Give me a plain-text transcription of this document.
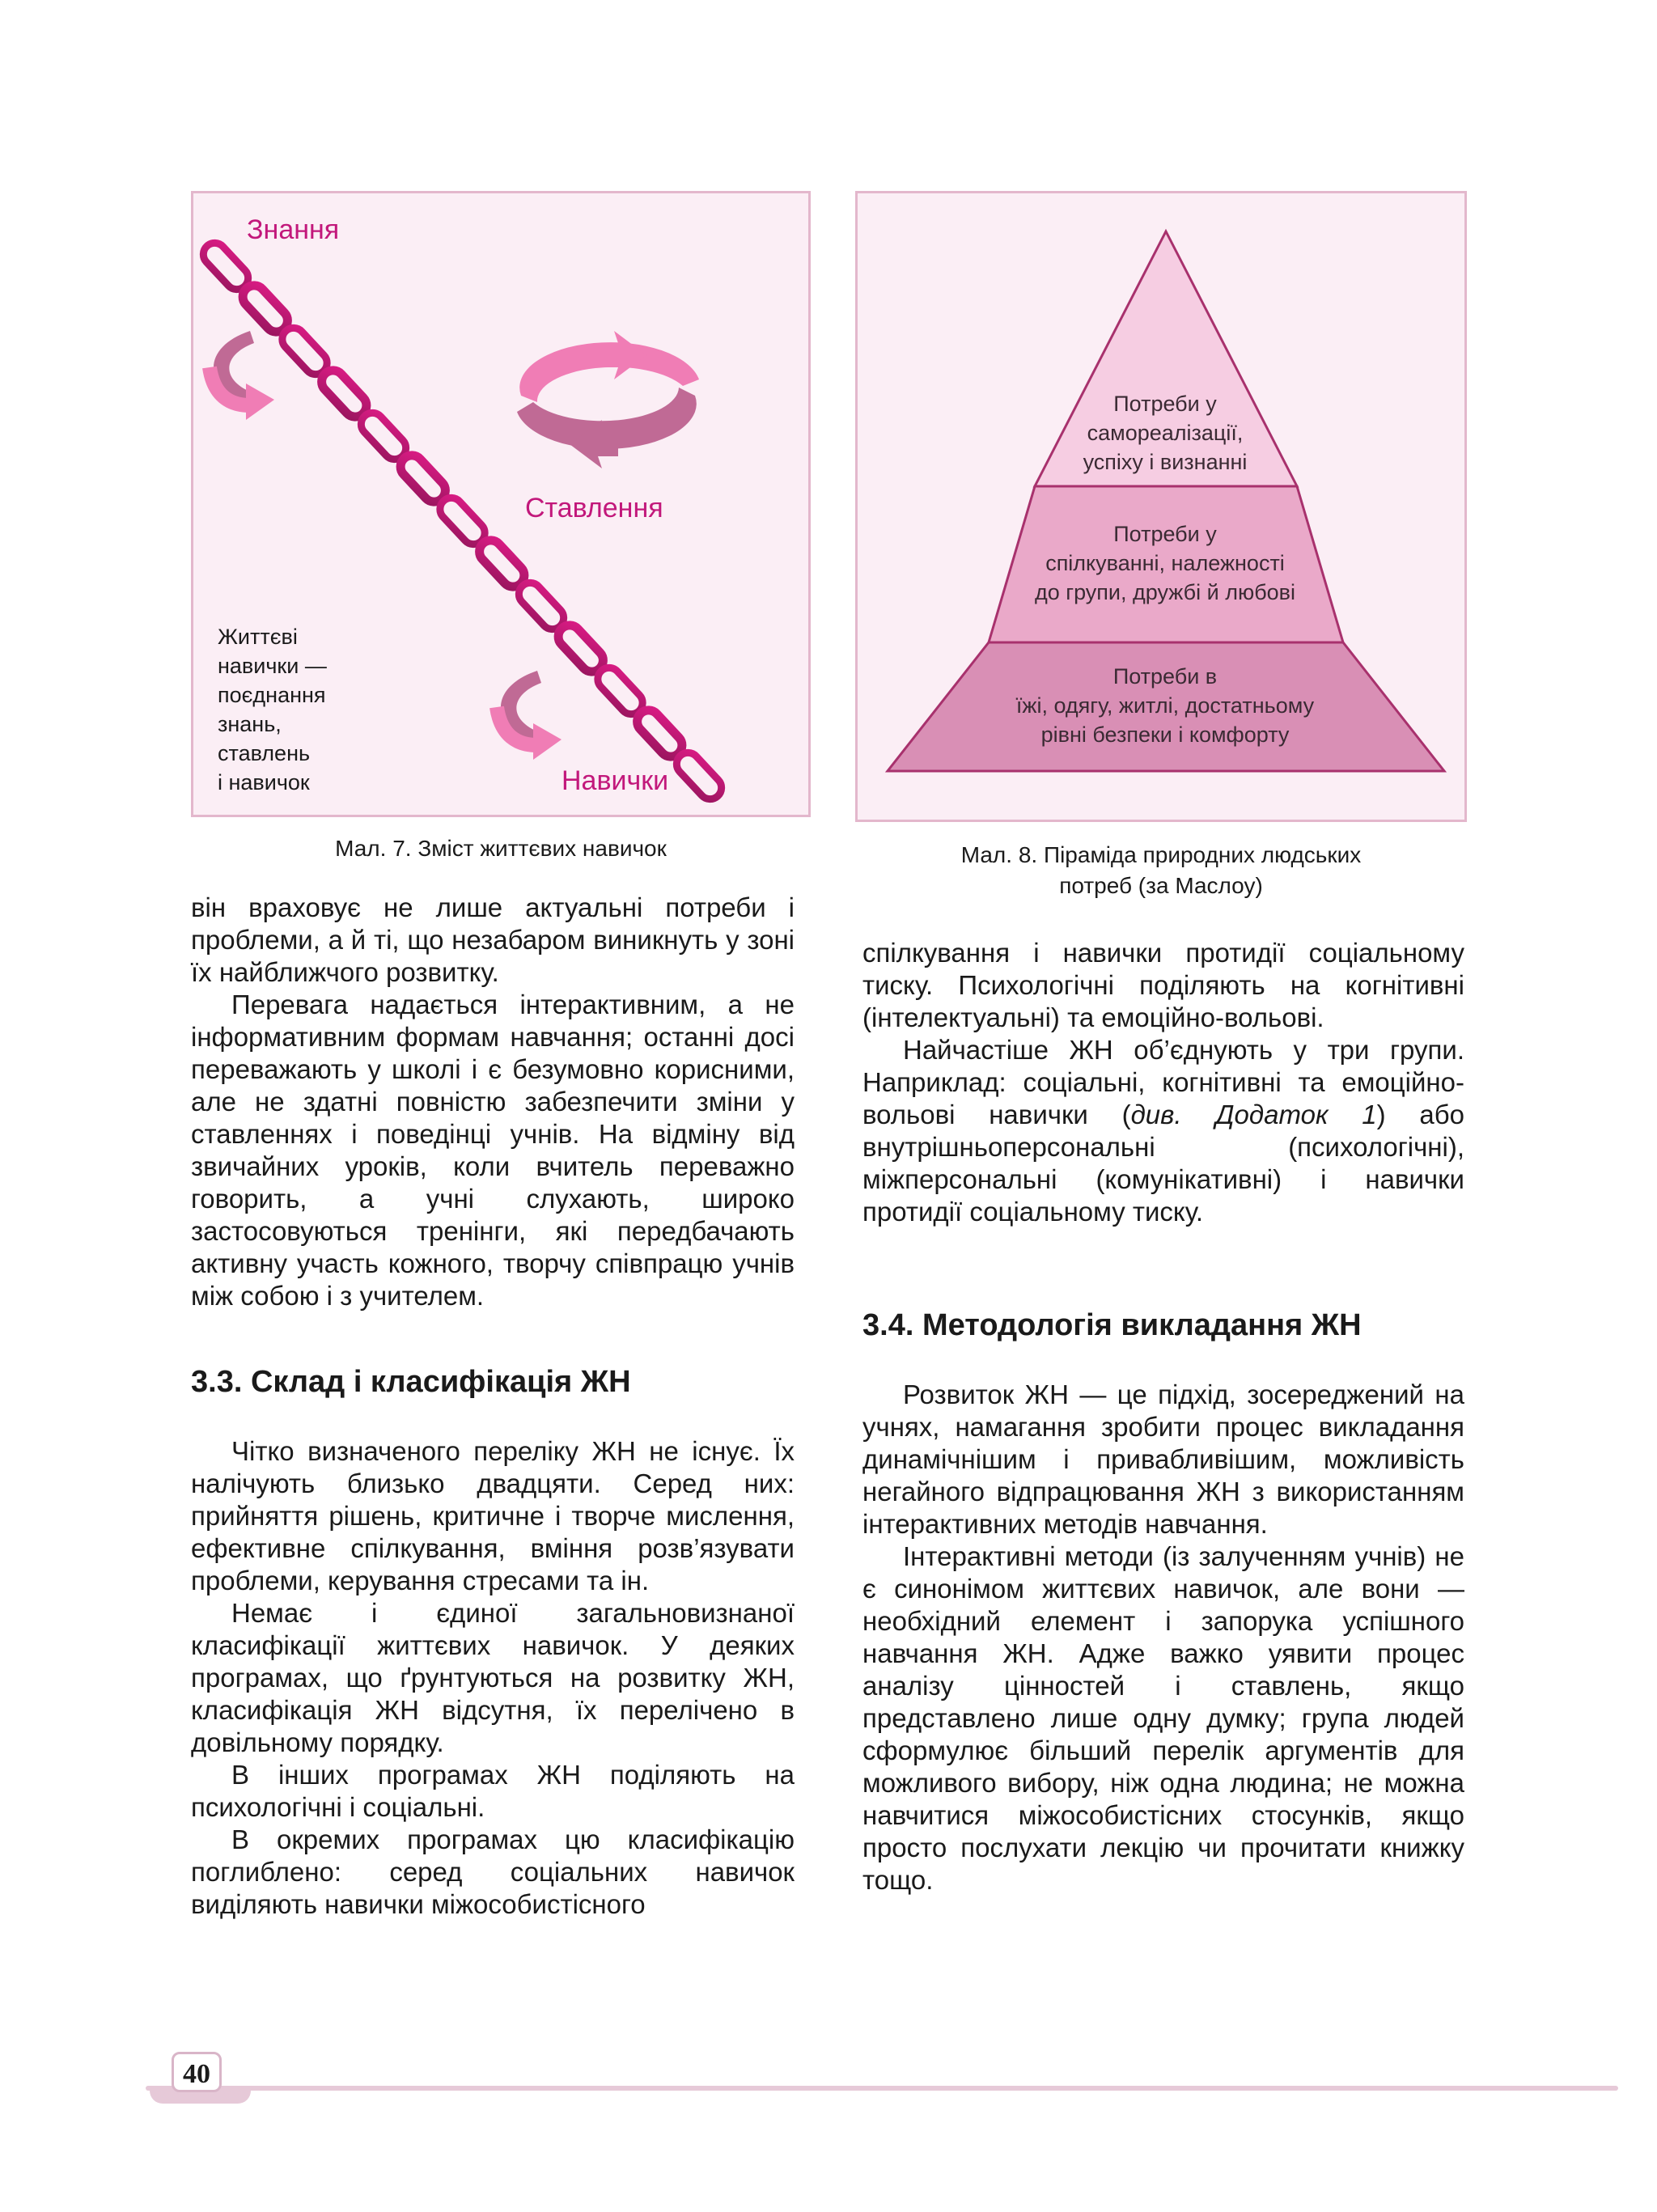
Знання
Ставлення
Навички
Життєві
навички —
поєднання
знань,
ставлень
і навичок
Мал. 7. Зміст життєвих навичок
Потреби у
самореалізації,
успіху і визнанні
Потреби у
спілкуванні, належності
до групи, дружбі й любові
Потреби в
їжі, одягу, житлі, достатньому
рівні безпеки і комфорту
Мал. 8. Піраміда природних людських
потреб (за Маслоу)

він враховує не лише актуальні потреби і проблеми, а й ті, що незабаром виникнуть у зоні їх найближчого розвитку.

Перевага надається інтерактивним, а не інформативним формам навчання; останні досі переважають у школі і є безумовно корисними, але не здатні повністю забезпечити зміни у ставленнях і поведінці учнів. На відміну від звичайних уроків, коли вчитель переважно говорить, а учні слухають, широко застосовуються тренінги, які передбачають активну участь кожного, творчу співпрацю учнів між собою і з учителем.

3.3. Склад і класифікація ЖН

Чітко визначеного переліку ЖН не існує. Їх налічують близько двадцяти. Серед них: прийняття рішень, критичне і творче мислення, ефективне спілкування, вміння розв’язувати проблеми, керування стресами та ін.

Немає і єдиної загальновизнаної класифікації життєвих навичок. У деяких програмах, що ґрунтуються на розвитку ЖН, класифікація ЖН відсутня, їх перелічено в довільному порядку.

В інших програмах ЖН поділяють на психологічні і соціальні.

В окремих програмах цю класифікацію поглиблено: серед соціальних навичок виділяють навички міжособистісного

спілкування і навички протидії соціальному тиску. Психологічні поділяють на когнітивні (інтелектуальні) та емоційно-вольові.

Найчастіше ЖН об’єднують у три групи. Наприклад: соціальні, когнітивні та емоційно-вольові навички (див. Додаток 1) або внутрішньоперсональні (психологічні), міжперсональні (комунікативні) і навички протидії соціальному тиску.

3.4. Методологія викладання ЖН

Розвиток ЖН — це підхід, зосереджений на учнях, намагання зробити процес викладання динамічнішим і привабливішим, можливість негайного відпрацювання ЖН з використанням інтерактивних методів навчання.

Інтерактивні методи (із залученням учнів) не є синонімом життєвих навичок, але вони — необхідний елемент і запорука успішного навчання ЖН. Адже важко уявити процес аналізу цінностей і ставлень, якщо представлено лише одну думку; група людей сформулює більший перелік аргументів для можливого вибору, ніж одна людина; не можна навчитися міжособистісних стосунків, якщо просто послухати лекцію чи прочитати книжку тощо.

40
